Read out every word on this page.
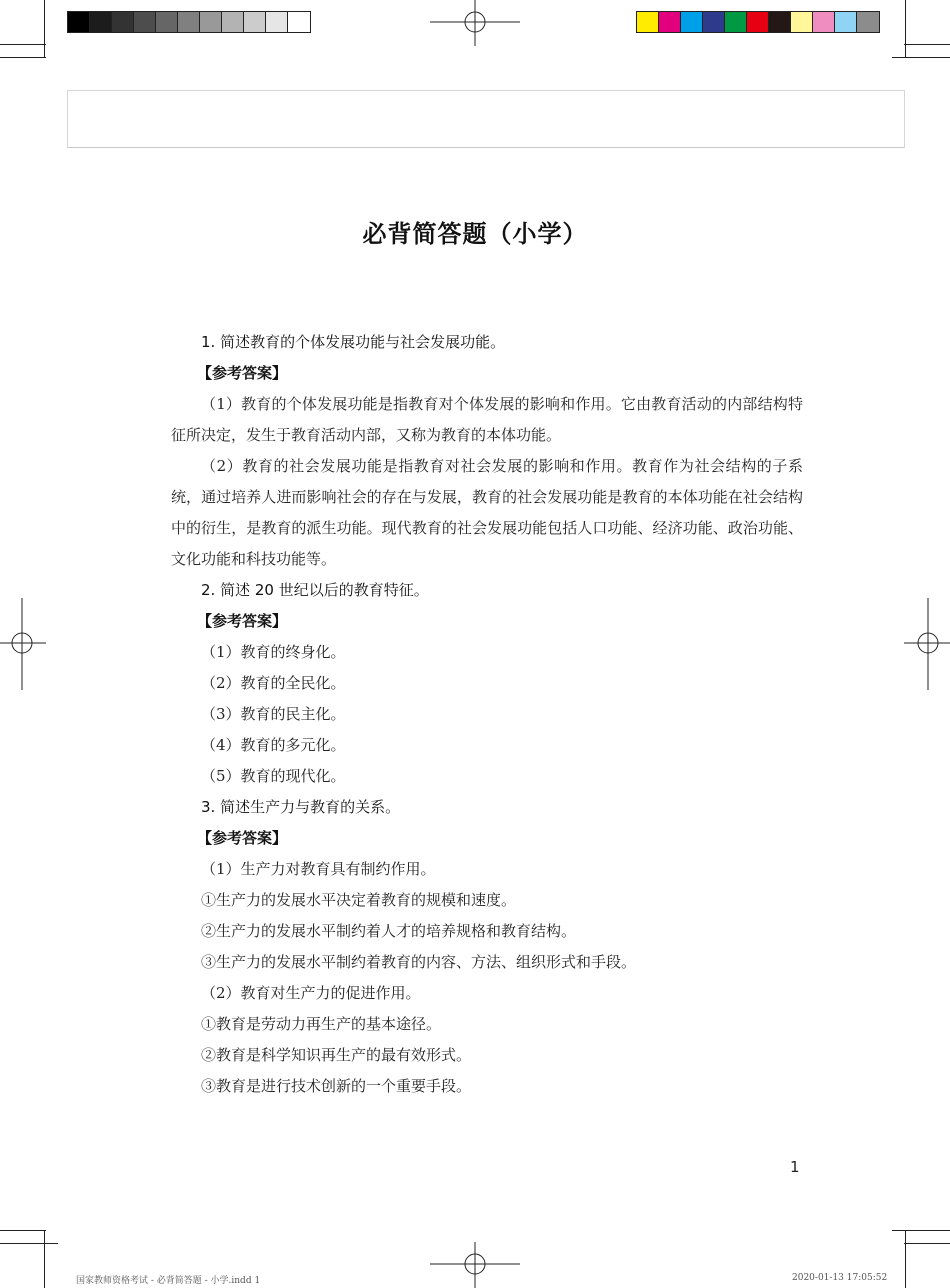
必背简答题（小学）

1. 简述教育的个体发展功能与社会发展功能。

【参考答案】

（1）教育的个体发展功能是指教育对个体发展的影响和作用。它由教育活动的内部结构特征所决定，发生于教育活动内部，又称为教育的本体功能。

（2）教育的社会发展功能是指教育对社会发展的影响和作用。教育作为社会结构的子系统，通过培养人进而影响社会的存在与发展，教育的社会发展功能是教育的本体功能在社会结构中的衍生，是教育的派生功能。现代教育的社会发展功能包括人口功能、经济功能、政治功能、文化功能和科技功能等。

2. 简述 20 世纪以后的教育特征。

【参考答案】

（1）教育的终身化。

（2）教育的全民化。

（3）教育的民主化。

（4）教育的多元化。

（5）教育的现代化。

3. 简述生产力与教育的关系。

【参考答案】

（1）生产力对教育具有制约作用。

①生产力的发展水平决定着教育的规模和速度。

②生产力的发展水平制约着人才的培养规格和教育结构。

③生产力的发展水平制约着教育的内容、方法、组织形式和手段。

（2）教育对生产力的促进作用。

①教育是劳动力再生产的基本途径。

②教育是科学知识再生产的最有效形式。

③教育是进行技术创新的一个重要手段。

1
国家教师资格考试 - 必背简答题 - 小学.indd 1	2020-01-13 17:05:52
